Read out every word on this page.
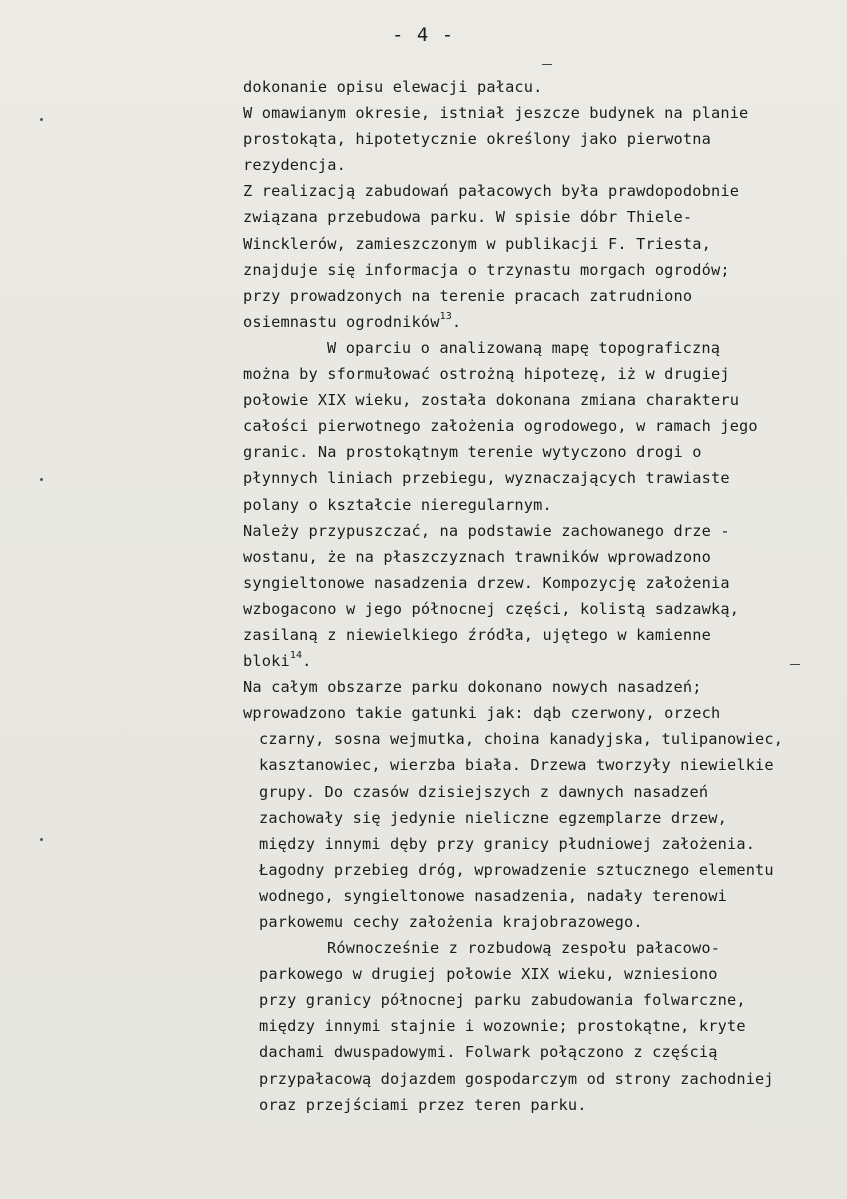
- 4 -
dokonanie opisu elewacji pałacu.
W omawianym okresie, istniał jeszcze budynek na planie
prostokąta, hipotetycznie określony jako pierwotna
rezydencja.
Z realizacją zabudowań pałacowych była prawdopodobnie
związana przebudowa parku. W spisie dóbr Thiele-
Wincklerów, zamieszczonym w publikacji F. Triesta,
znajduje się informacja o trzynastu morgach ogrodów;
przy prowadzonych na terenie pracach zatrudniono
osiemnastu ogrodników$^{13}$.
W oparciu o analizowaną mapę topograficzną
można by sformułować ostrożną hipotezę, iż w drugiej
połowie XIX wieku, została dokonana zmiana charakteru
całości pierwotnego założenia ogrodowego, w ramach jego
granic. Na prostokątnym terenie wytyczono drogi o
płynnych liniach przebiegu, wyznaczających trawiaste
polany o kształcie nieregularnym.
Należy przypuszczać, na podstawie zachowanego drze -
wostanu, że na płaszczyznach trawników wprowadzono
syngieltonowe nasadzenia drzew. Kompozycję założenia
wzbogacono w jego północnej części, kolistą sadzawką,
zasilaną z niewielkiego źródła, ujętego w kamienne
bloki$^{14}$.
Na całym obszarze parku dokonano nowych nasadzeń;
wprowadzono takie gatunki jak: dąb czerwony, orzech
czarny, sosna wejmutka, choina kanadyjska, tulipanowiec,
kasztanowiec, wierzba biała. Drzewa tworzyły niewielkie
grupy. Do czasów dzisiejszych z dawnych nasadzeń
zachowały się jedynie nieliczne egzemplarze drzew,
między innymi dęby przy granicy płudniowej założenia.
Łagodny przebieg dróg, wprowadzenie sztucznego elementu
wodnego, syngieltonowe nasadzenia, nadały terenowi
parkowemu cechy założenia krajobrazowego.
Równocześnie z rozbudową zespołu pałacowo-
parkowego w drugiej połowie XIX wieku, wzniesiono
przy granicy północnej parku zabudowania folwarczne,
między innymi stajnie i wozownie; prostokątne, kryte
dachami dwuspadowymi. Folwark połączono z częścią
przypałacową dojazdem gospodarczym od strony zachodniej
oraz przejściami przez teren parku.
